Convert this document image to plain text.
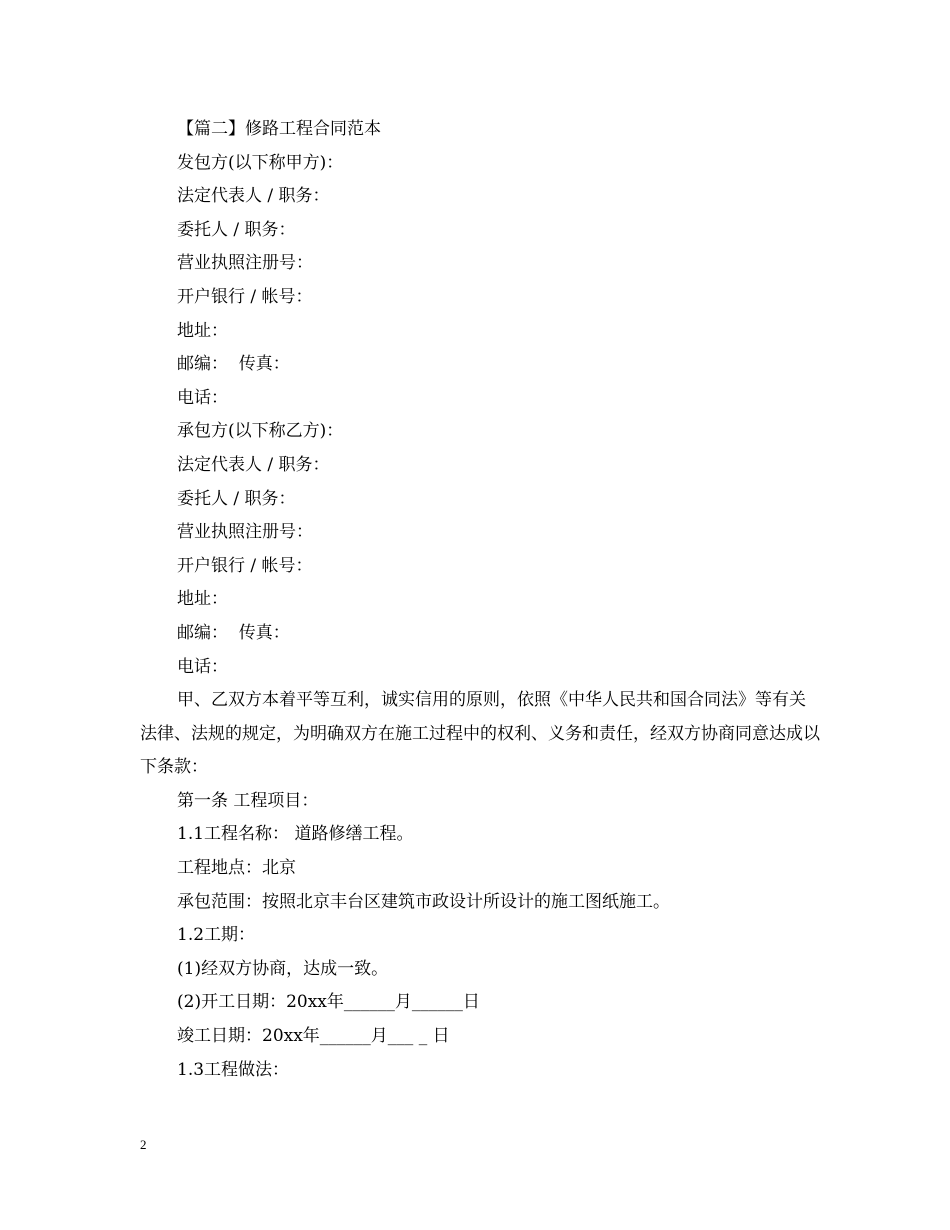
【篇二】修路工程合同范本
发包方(以下称甲方)：
法定代表人 / 职务：
委托人 / 职务：
营业执照注册号：
开户银行 / 帐号：
地址：
邮编：  传真：
电话：
承包方(以下称乙方)：
法定代表人 / 职务：
委托人 / 职务：
营业执照注册号：
开户银行 / 帐号：
地址：
邮编：  传真：
电话：
甲、乙双方本着平等互利，诚实信用的原则，依照《中华人民共和国合同法》等有关法律、法规的规定，为明确双方在施工过程中的权利、义务和责任，经双方协商同意达成以下条款：
第一条 工程项目：
1.1工程名称： 道路修缮工程。
工程地点：北京
承包范围：按照北京丰台区建筑市政设计所设计的施工图纸施工。
1.2工期：
(1)经双方协商，达成一致。
(2)开工日期：20xx年______月______日
竣工日期：20xx年______月___ _ 日
1.3工程做法：
2
